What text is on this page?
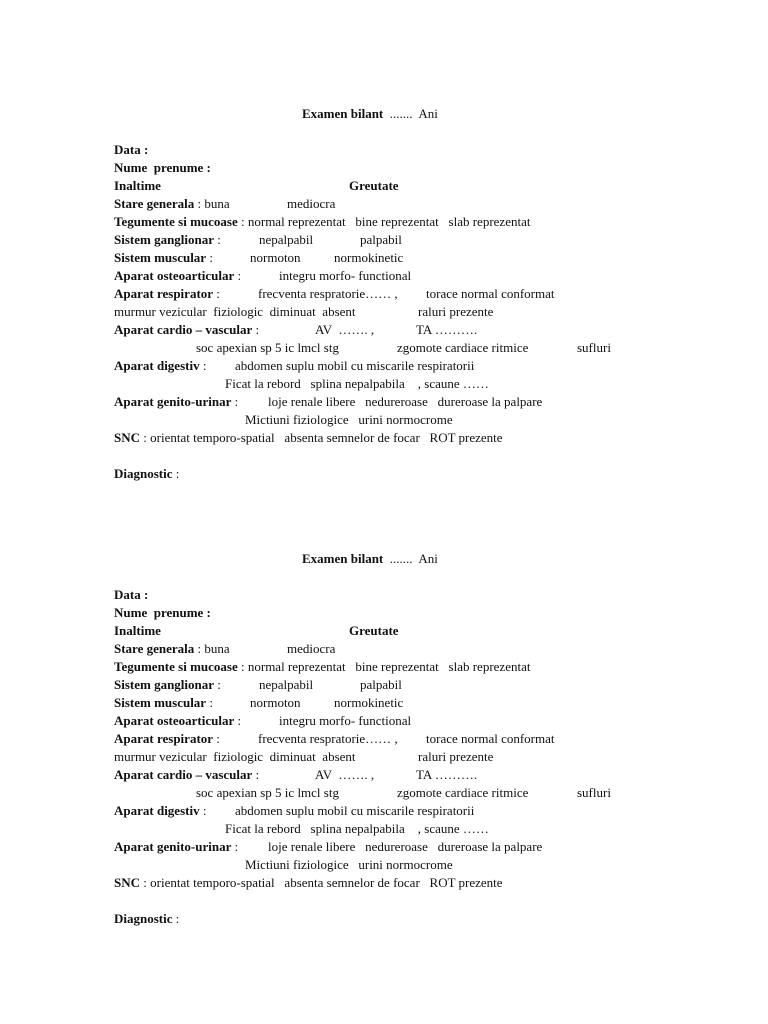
Examen bilant ....... Ani
Data :
Nume  prenume :
Inaltime	Greutate
Stare generala : buna	mediocra
Tegumente si mucoase : normal reprezentat   bine reprezentat   slab reprezentat
Sistem ganglionar :	nepalpabil	palpabil
Sistem muscular :	normoton	normokinetic
Aparat osteoarticular :	integru morfo- functional
Aparat respirator :	frecventa respratorie…… , torace normal conformat
murmur vezicular  fiziologic  diminuat  absent	raluri prezente
Aparat cardio – vascular :	AV  ……. ,	TA ……….
soc apexian sp 5 ic lmcl stg	zgomote cardiace ritmice	sufluri
Aparat digestiv : abdomen suplu mobil cu miscarile respiratorii
Ficat la rebord   splina nepalpabila    , scaune ……
Aparat genito-urinar : loje renale libere   nedureroase   dureroase la palpare
Mictiuni fiziologice   urini normocrome
SNC : orientat temporo-spatial   absenta semnelor de focar   ROT prezente
Diagnostic :
Examen bilant ....... Ani
Data :
Nume  prenume :
Inaltime	Greutate
Stare generala : buna	mediocra
Tegumente si mucoase : normal reprezentat   bine reprezentat   slab reprezentat
Sistem ganglionar :	nepalpabil	palpabil
Sistem muscular :	normoton	normokinetic
Aparat osteoarticular :	integru morfo- functional
Aparat respirator :	frecventa respratorie…… , torace normal conformat
murmur vezicular  fiziologic  diminuat  absent	raluri prezente
Aparat cardio – vascular :	AV  ……. ,	TA ……….
soc apexian sp 5 ic lmcl stg	zgomote cardiace ritmice	sufluri
Aparat digestiv : abdomen suplu mobil cu miscarile respiratorii
Ficat la rebord   splina nepalpabila    , scaune ……
Aparat genito-urinar : loje renale libere   nedureroase   dureroase la palpare
Mictiuni fiziologice   urini normocrome
SNC : orientat temporo-spatial   absenta semnelor de focar   ROT prezente
Diagnostic :
